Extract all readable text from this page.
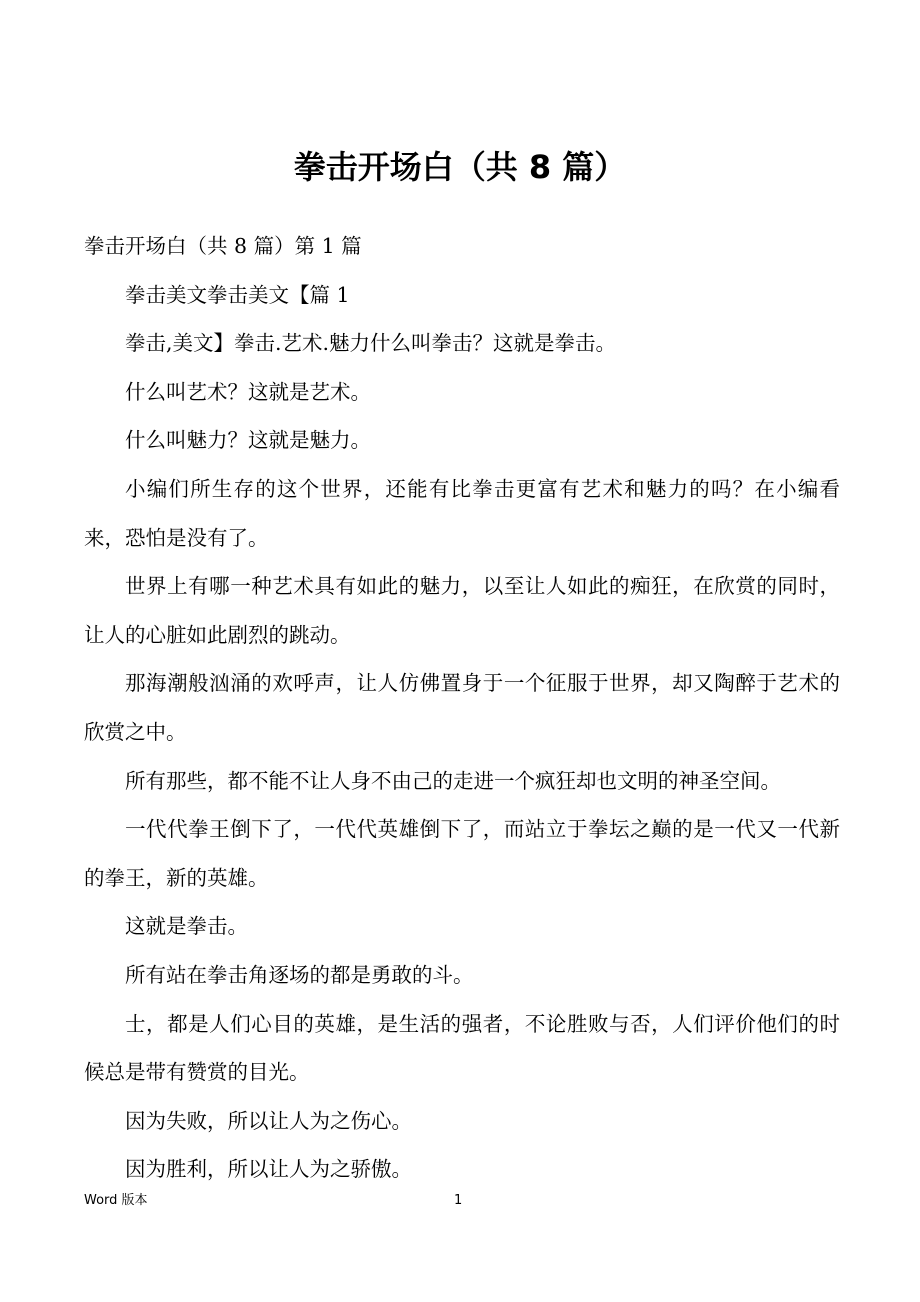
拳击开场白（共 8 篇）

拳击开场白（共 8 篇）第 1 篇

拳击美文拳击美文【篇 1

拳击,美文】拳击.艺术.魅力什么叫拳击？这就是拳击。

什么叫艺术？这就是艺术。

什么叫魅力？这就是魅力。

小编们所生存的这个世界，还能有比拳击更富有艺术和魅力的吗？在小编看来，恐怕是没有了。

世界上有哪一种艺术具有如此的魅力，以至让人如此的痴狂，在欣赏的同时，让人的心脏如此剧烈的跳动。

那海潮般汹涌的欢呼声，让人仿佛置身于一个征服于世界，却又陶醉于艺术的欣赏之中。

所有那些，都不能不让人身不由己的走进一个疯狂却也文明的神圣空间。

一代代拳王倒下了，一代代英雄倒下了，而站立于拳坛之巅的是一代又一代新的拳王，新的英雄。

这就是拳击。

所有站在拳击角逐场的都是勇敢的斗。

士，都是人们心目的英雄，是生活的强者，不论胜败与否，人们评价他们的时候总是带有赞赏的目光。

因为失败，所以让人为之伤心。

因为胜利，所以让人为之骄傲。

Word 版本	1
